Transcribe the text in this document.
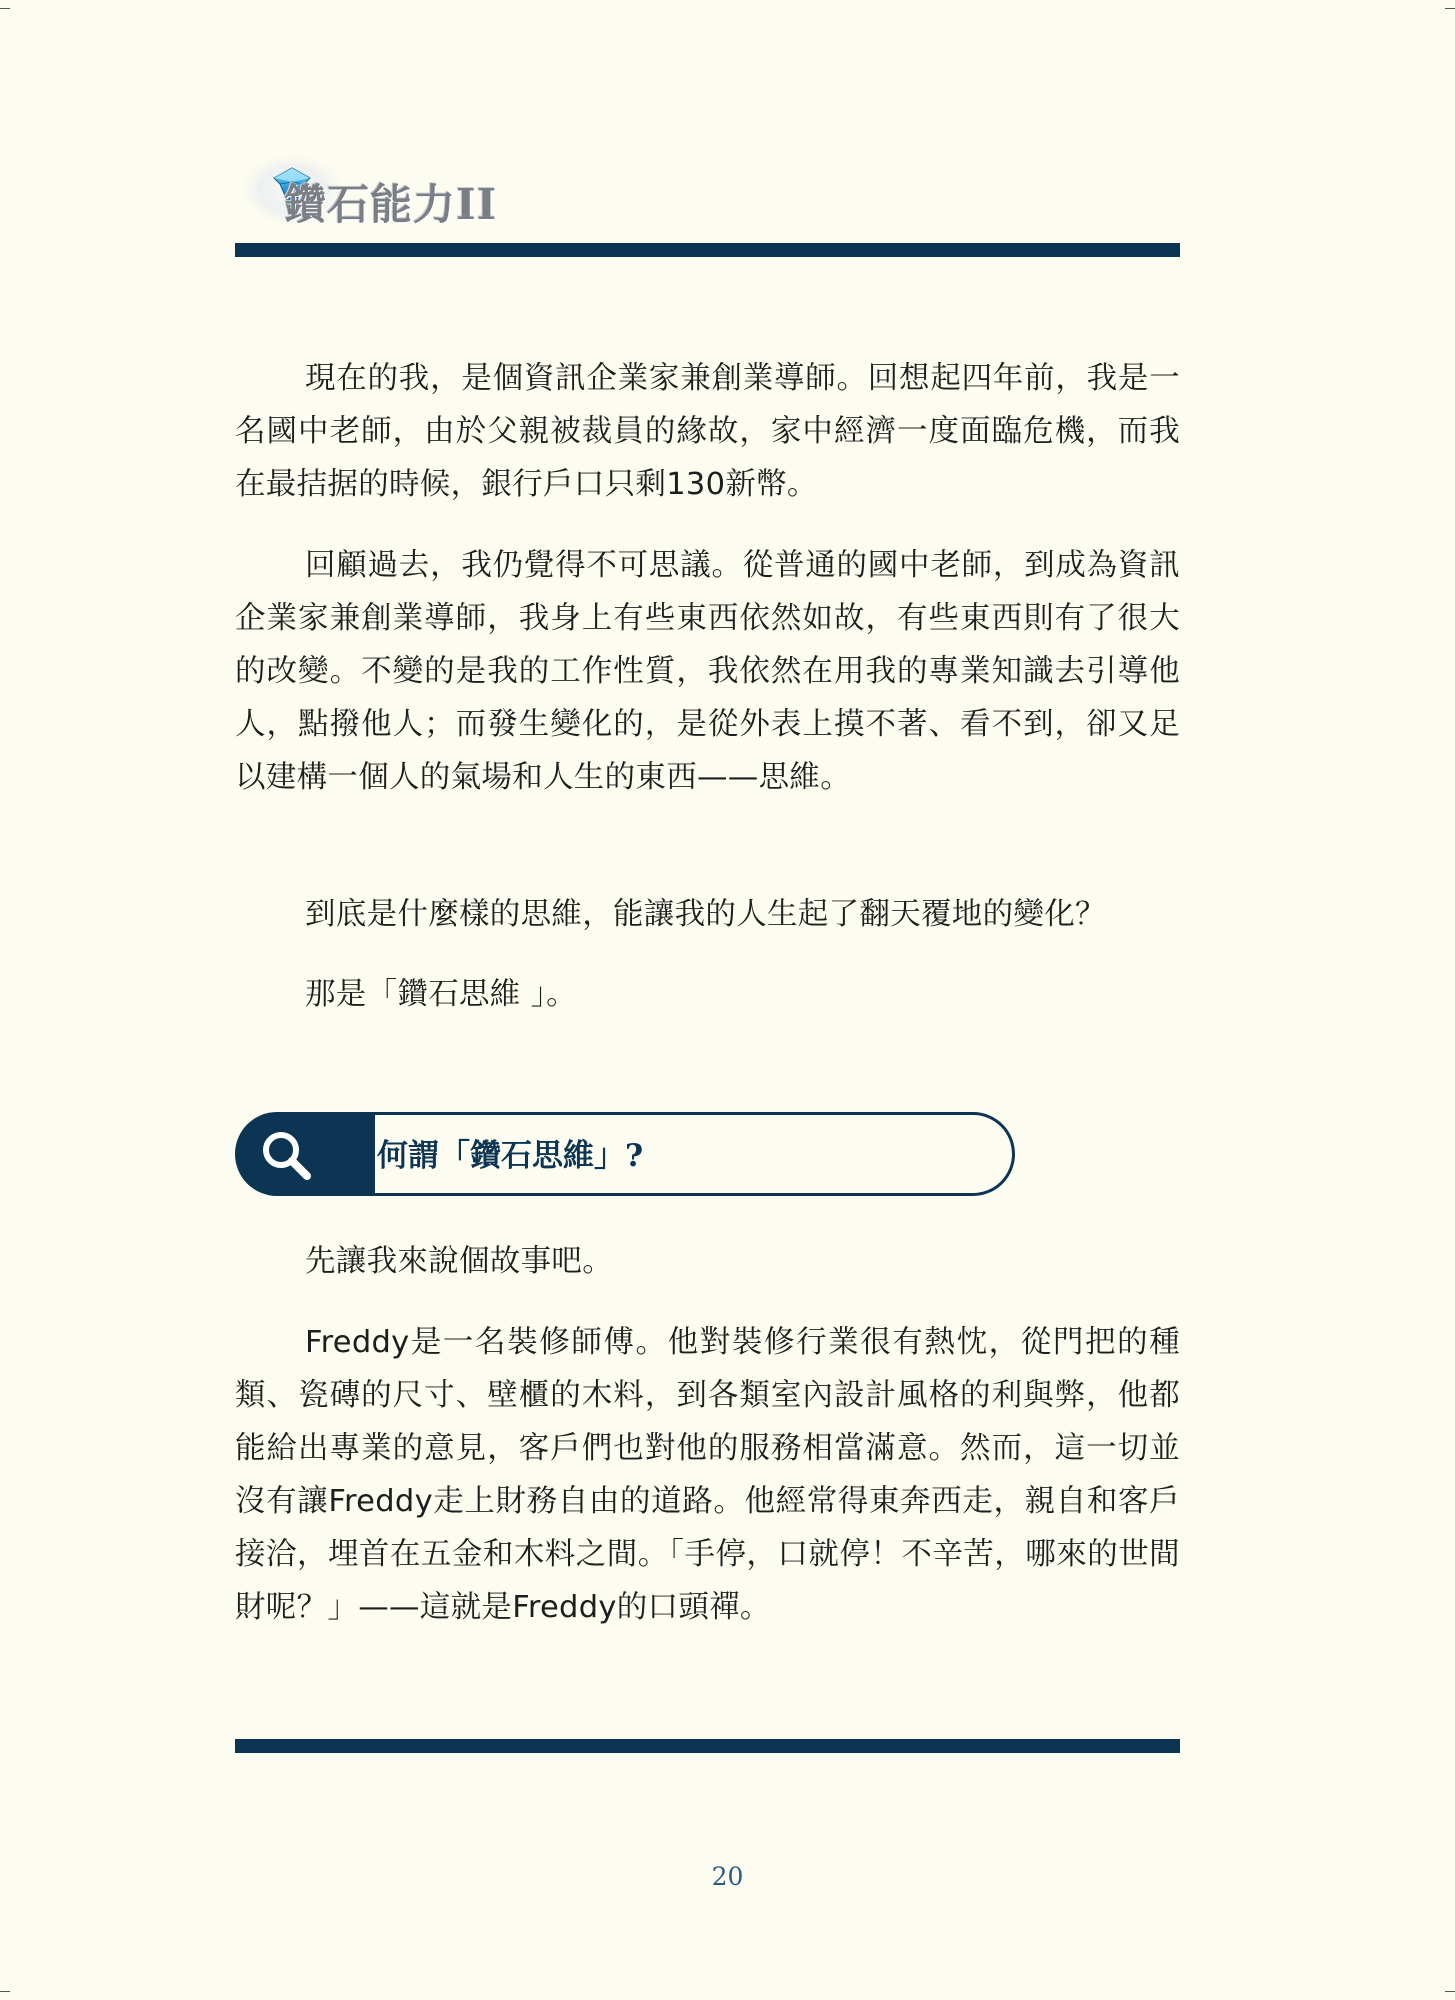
鑽石能力II

現在的我，是個資訊企業家兼創業導師。回想起四年前，我是一名國中老師，由於父親被裁員的緣故，家中經濟一度面臨危機，而我在最拮据的時候，銀行戶口只剩130新幣。

回顧過去，我仍覺得不可思議。從普通的國中老師，到成為資訊企業家兼創業導師，我身上有些東西依然如故，有些東西則有了很大的改變。不變的是我的工作性質，我依然在用我的專業知識去引導他人，點撥他人；而發生變化的，是從外表上摸不著、看不到，卻又足以建構一個人的氣場和人生的東西——思維。

到底是什麼樣的思維，能讓我的人生起了翻天覆地的變化？

那是「鑽石思維 」。

何謂「鑽石思維」?

先讓我來說個故事吧。

Freddy是一名裝修師傅。他對裝修行業很有熱忱，從門把的種類、瓷磚的尺寸、壁櫃的木料，到各類室內設計風格的利與弊，他都能給出專業的意見，客戶們也對他的服務相當滿意。然而，這一切並沒有讓Freddy走上財務自由的道路。他經常得東奔西走，親自和客戶接洽，埋首在五金和木料之間。「手停，口就停！不辛苦，哪來的世間財呢？」——這就是Freddy的口頭禪。

20
